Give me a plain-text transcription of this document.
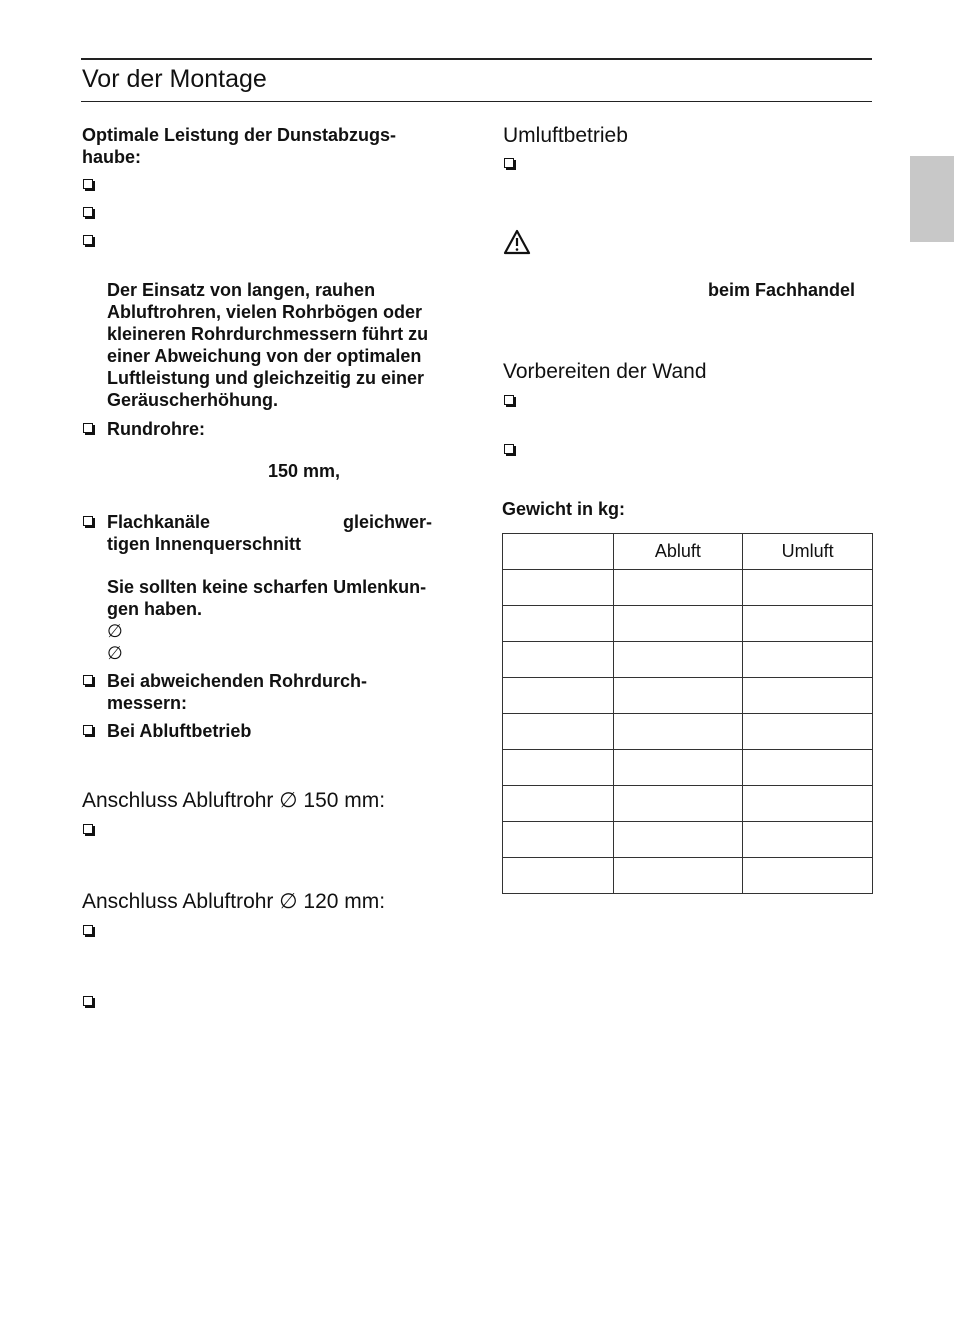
Vor der Montage
Optimale Leistung der Dunstabzugs-
haube:
Der Einsatz von langen, rauhen
Abluftrohren, vielen Rohrbögen oder
kleineren Rohrdurchmessern führt zu
einer Abweichung von der optimalen
Luftleistung und gleichzeitig zu einer
Geräuscherhöhung.
Rundrohre:
150 mm,
Flachkanäle	gleichwer-
tigen Innenquerschnitt
Sie sollten keine scharfen Umlenkun-
gen haben.
∅
∅
Bei abweichenden Rohrdurch-
messern:
Bei Abluftbetrieb
Anschluss Abluftrohr ∅ 150 mm:
Anschluss Abluftrohr ∅ 120 mm:
Umluftbetrieb
beim Fachhandel
Vorbereiten der Wand
Gewicht in kg:
	Abluft	Umluft
